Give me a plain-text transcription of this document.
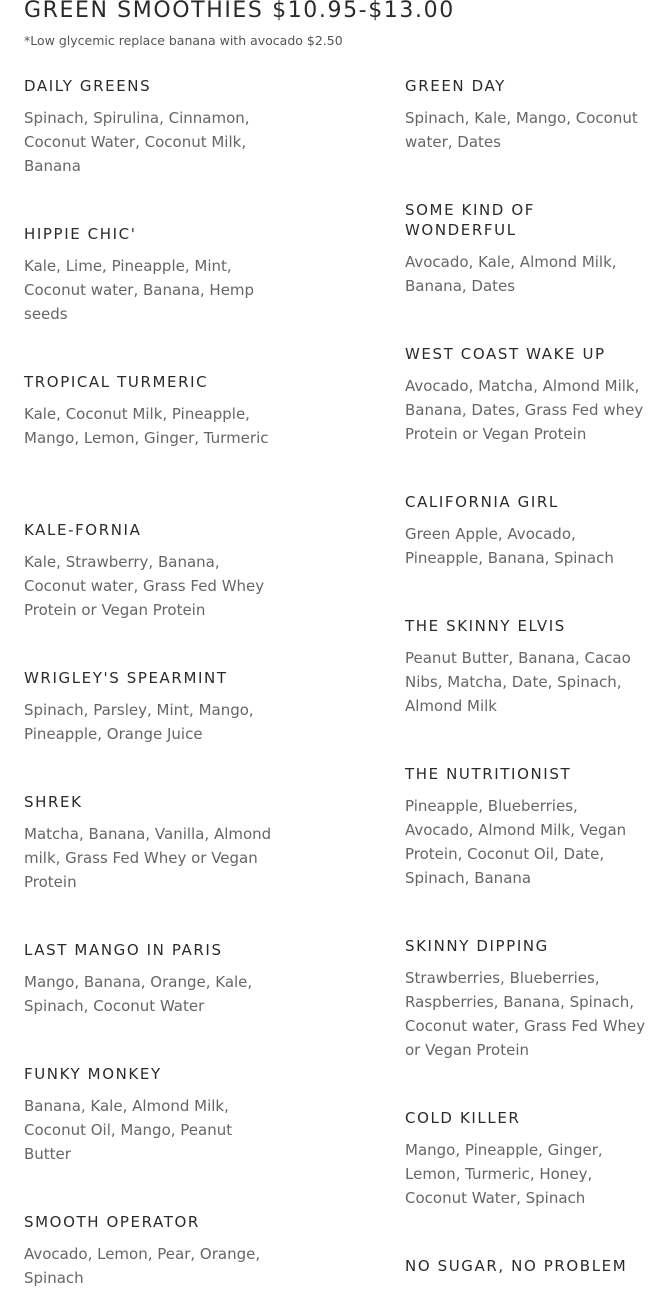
GREEN SMOOTHIES $10.95-$13.00
*Low glycemic replace banana with avocado $2.50
DAILY GREENS

Spinach, Spirulina, Cinnamon, Coconut Water, Coconut Milk, Banana

HIPPIE CHIC'

Kale, Lime, Pineapple, Mint, Coconut water, Banana, Hemp seeds

TROPICAL TURMERIC

Kale, Coconut Milk, Pineapple, Mango, Lemon, Ginger, Turmeric

KALE-FORNIA

Kale, Strawberry, Banana, Coconut water, Grass Fed Whey Protein or Vegan Protein

WRIGLEY'S SPEARMINT

Spinach, Parsley, Mint, Mango, Pineapple, Orange Juice

SHREK

Matcha, Banana, Vanilla, Almond milk, Grass Fed Whey or Vegan Protein

LAST MANGO IN PARIS

Mango, Banana, Orange, Kale, Spinach, Coconut Water

FUNKY MONKEY

Banana, Kale, Almond Milk, Coconut Oil, Mango, Peanut Butter

SMOOTH OPERATOR

Avocado, Lemon, Pear, Orange, Spinach

GREEN DAY

Spinach, Kale, Mango, Coconut water, Dates

SOME KIND OF WONDERFUL

Avocado, Kale, Almond Milk, Banana, Dates

WEST COAST WAKE UP

Avocado, Matcha, Almond Milk, Banana, Dates, Grass Fed whey Protein or Vegan Protein

CALIFORNIA GIRL

Green Apple, Avocado, Pineapple, Banana, Spinach

THE SKINNY ELVIS

Peanut Butter, Banana, Cacao Nibs, Matcha, Date, Spinach, Almond Milk

THE NUTRITIONIST

Pineapple, Blueberries, Avocado, Almond Milk, Vegan Protein, Coconut Oil, Date, Spinach, Banana

SKINNY DIPPING

Strawberries, Blueberries, Raspberries, Banana, Spinach, Coconut water, Grass Fed Whey or Vegan Protein

COLD KILLER

Mango, Pineapple, Ginger, Lemon, Turmeric, Honey, Coconut Water, Spinach

NO SUGAR, NO PROBLEM
